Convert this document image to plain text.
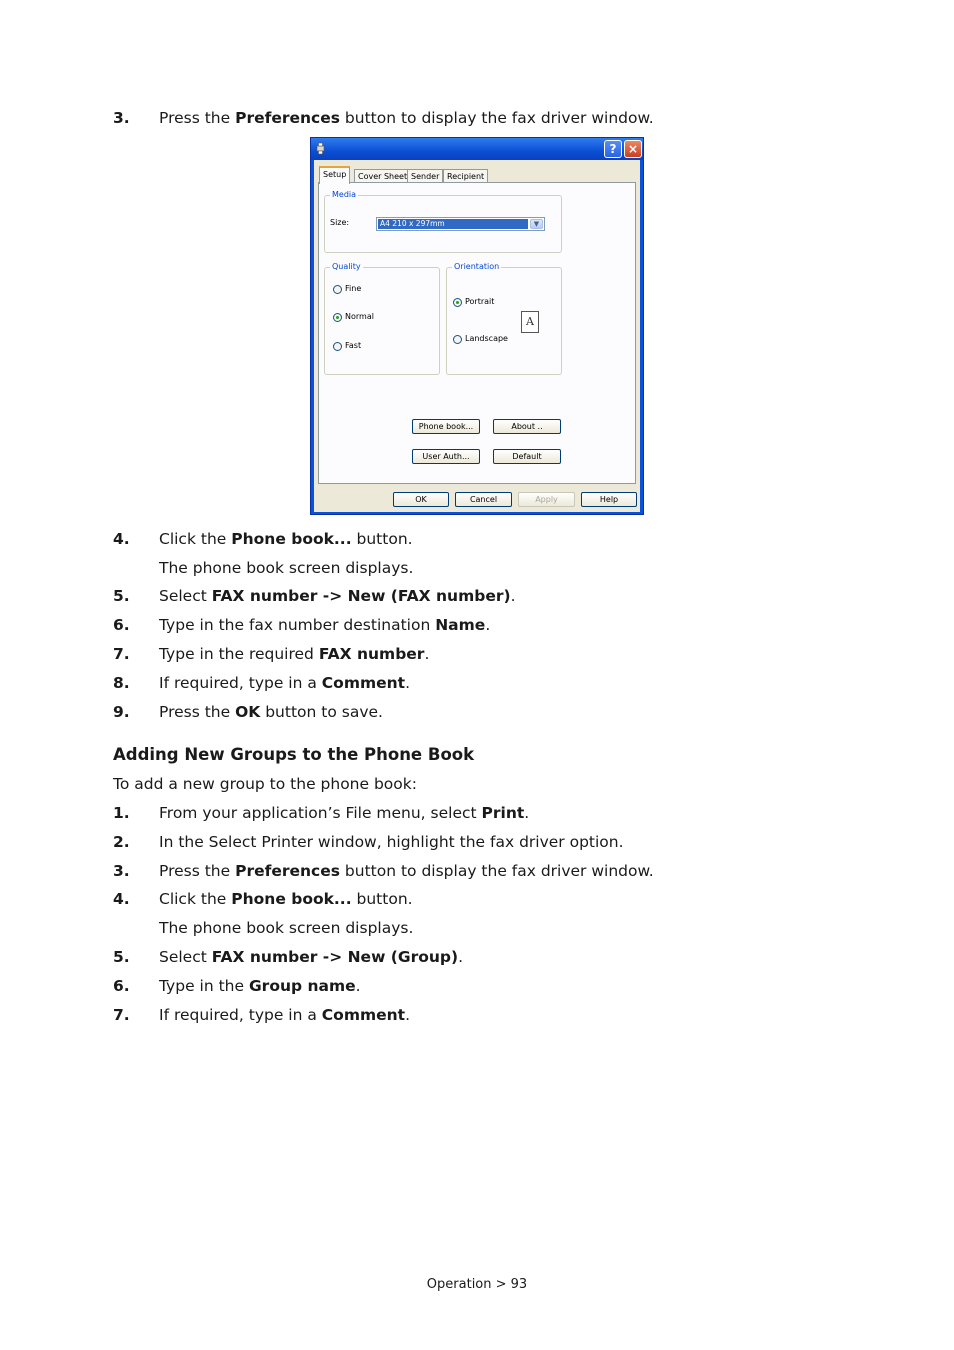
3. Press the Preferences button to display the fax driver window.
? ×
Setup	Cover Sheet Sender Recipient
Media
Size:	A4 210 x 297mm	▼
Quality
Fine
Normal
Fast
Orientation
Portrait
Landscape
A
Phone book...	About ..
User Auth...	Default
OK	Cancel	Apply	Help
4. Click the Phone book... button.
The phone book screen displays.
5. Select FAX number -> New (FAX number).
6. Type in the fax number destination Name.
7. Type in the required FAX number.
8. If required, type in a Comment.
9. Press the OK button to save.
Adding New Groups to the Phone Book
To add a new group to the phone book:
1. From your application’s File menu, select Print.
2. In the Select Printer window, highlight the fax driver option.
3. Press the Preferences button to display the fax driver window.
4. Click the Phone book... button.
The phone book screen displays.
5. Select FAX number -> New (Group).
6. Type in the Group name.
7. If required, type in a Comment.
Operation > 93
